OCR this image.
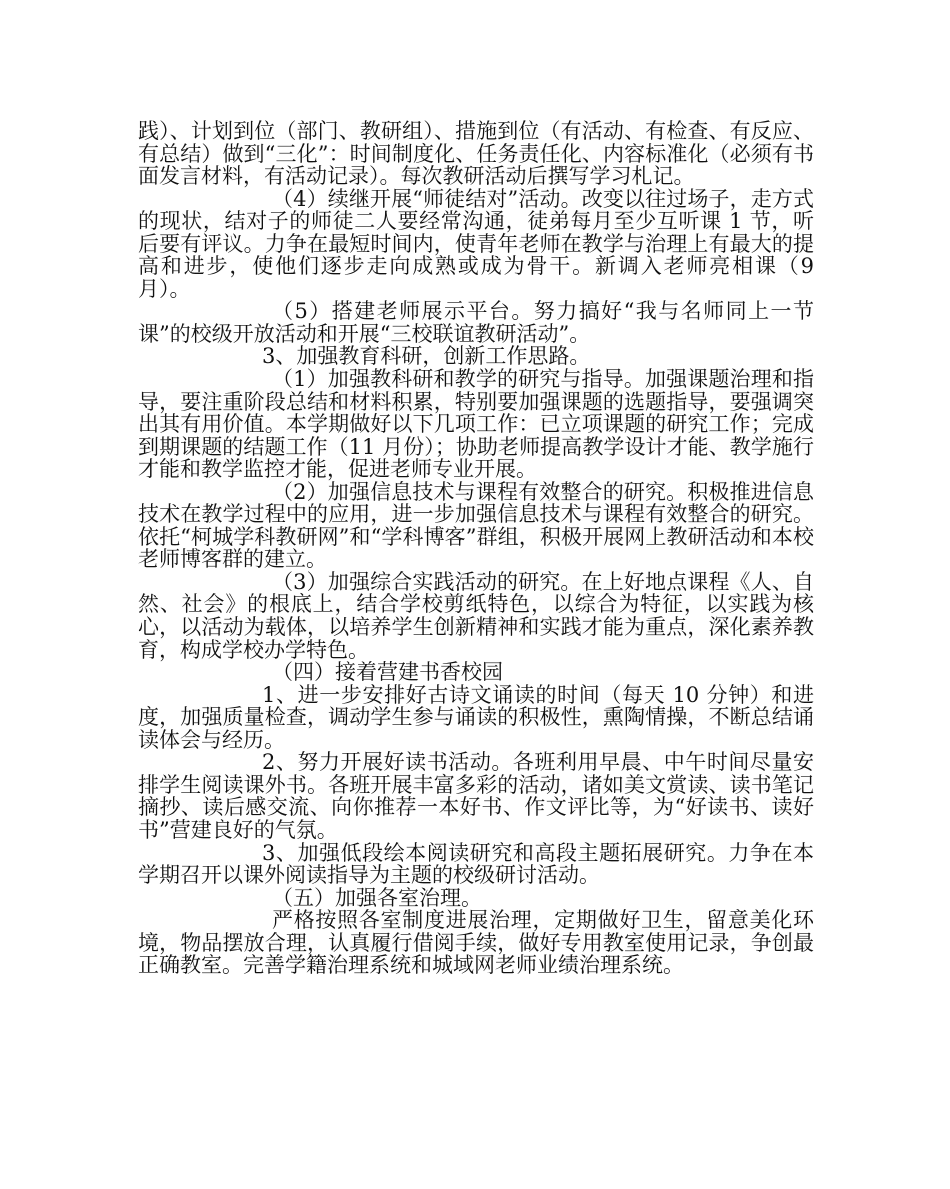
践）、计划到位（部门、教研组）、措施到位（有活动、有检查、有反应、有总结）做到“三化”：时间制度化、任务责任化、内容标准化（必须有书面发言材料，有活动记录）。每次教研活动后撰写学习札记。

（4）续继开展“师徒结对”活动。改变以往过场子，走方式的现状，结对子的师徒二人要经常沟通，徒弟每月至少互听课 1 节，听后要有评议。力争在最短时间内，使青年老师在教学与治理上有最大的提高和进步，使他们逐步走向成熟或成为骨干。新调入老师亮相课（9 月）。

（5）搭建老师展示平台。努力搞好“我与名师同上一节课”的校级开放活动和开展“三校联谊教研活动”。

3、加强教育科研，创新工作思路。

（1）加强教科研和教学的研究与指导。加强课题治理和指导，要注重阶段总结和材料积累，特别要加强课题的选题指导，要强调突出其有用价值。本学期做好以下几项工作：已立项课题的研究工作；完成到期课题的结题工作（11 月份）；协助老师提高教学设计才能、教学施行才能和教学监控才能，促进老师专业开展。

（2）加强信息技术与课程有效整合的研究。积极推进信息技术在教学过程中的应用，进一步加强信息技术与课程有效整合的研究。依托“柯城学科教研网”和“学科博客”群组，积极开展网上教研活动和本校老师博客群的建立。

（3）加强综合实践活动的研究。在上好地点课程《人、自然、社会》的根底上，结合学校剪纸特色，以综合为特征，以实践为核心，以活动为载体，以培养学生创新精神和实践才能为重点，深化素养教育，构成学校办学特色。

（四）接着营建书香校园

1、进一步安排好古诗文诵读的时间（每天 10 分钟）和进度，加强质量检查，调动学生参与诵读的积极性，熏陶情操，不断总结诵读体会与经历。

2、努力开展好读书活动。各班利用早晨、中午时间尽量安排学生阅读课外书。各班开展丰富多彩的活动，诸如美文赏读、读书笔记摘抄、读后感交流、向你推荐一本好书、作文评比等，为“好读书、读好书”营建良好的气氛。

3、加强低段绘本阅读研究和高段主题拓展研究。力争在本学期召开以课外阅读指导为主题的校级研讨活动。

（五）加强各室治理。

严格按照各室制度进展治理，定期做好卫生，留意美化环境，物品摆放合理，认真履行借阅手续，做好专用教室使用记录，争创最正确教室。完善学籍治理系统和城域网老师业绩治理系统。
